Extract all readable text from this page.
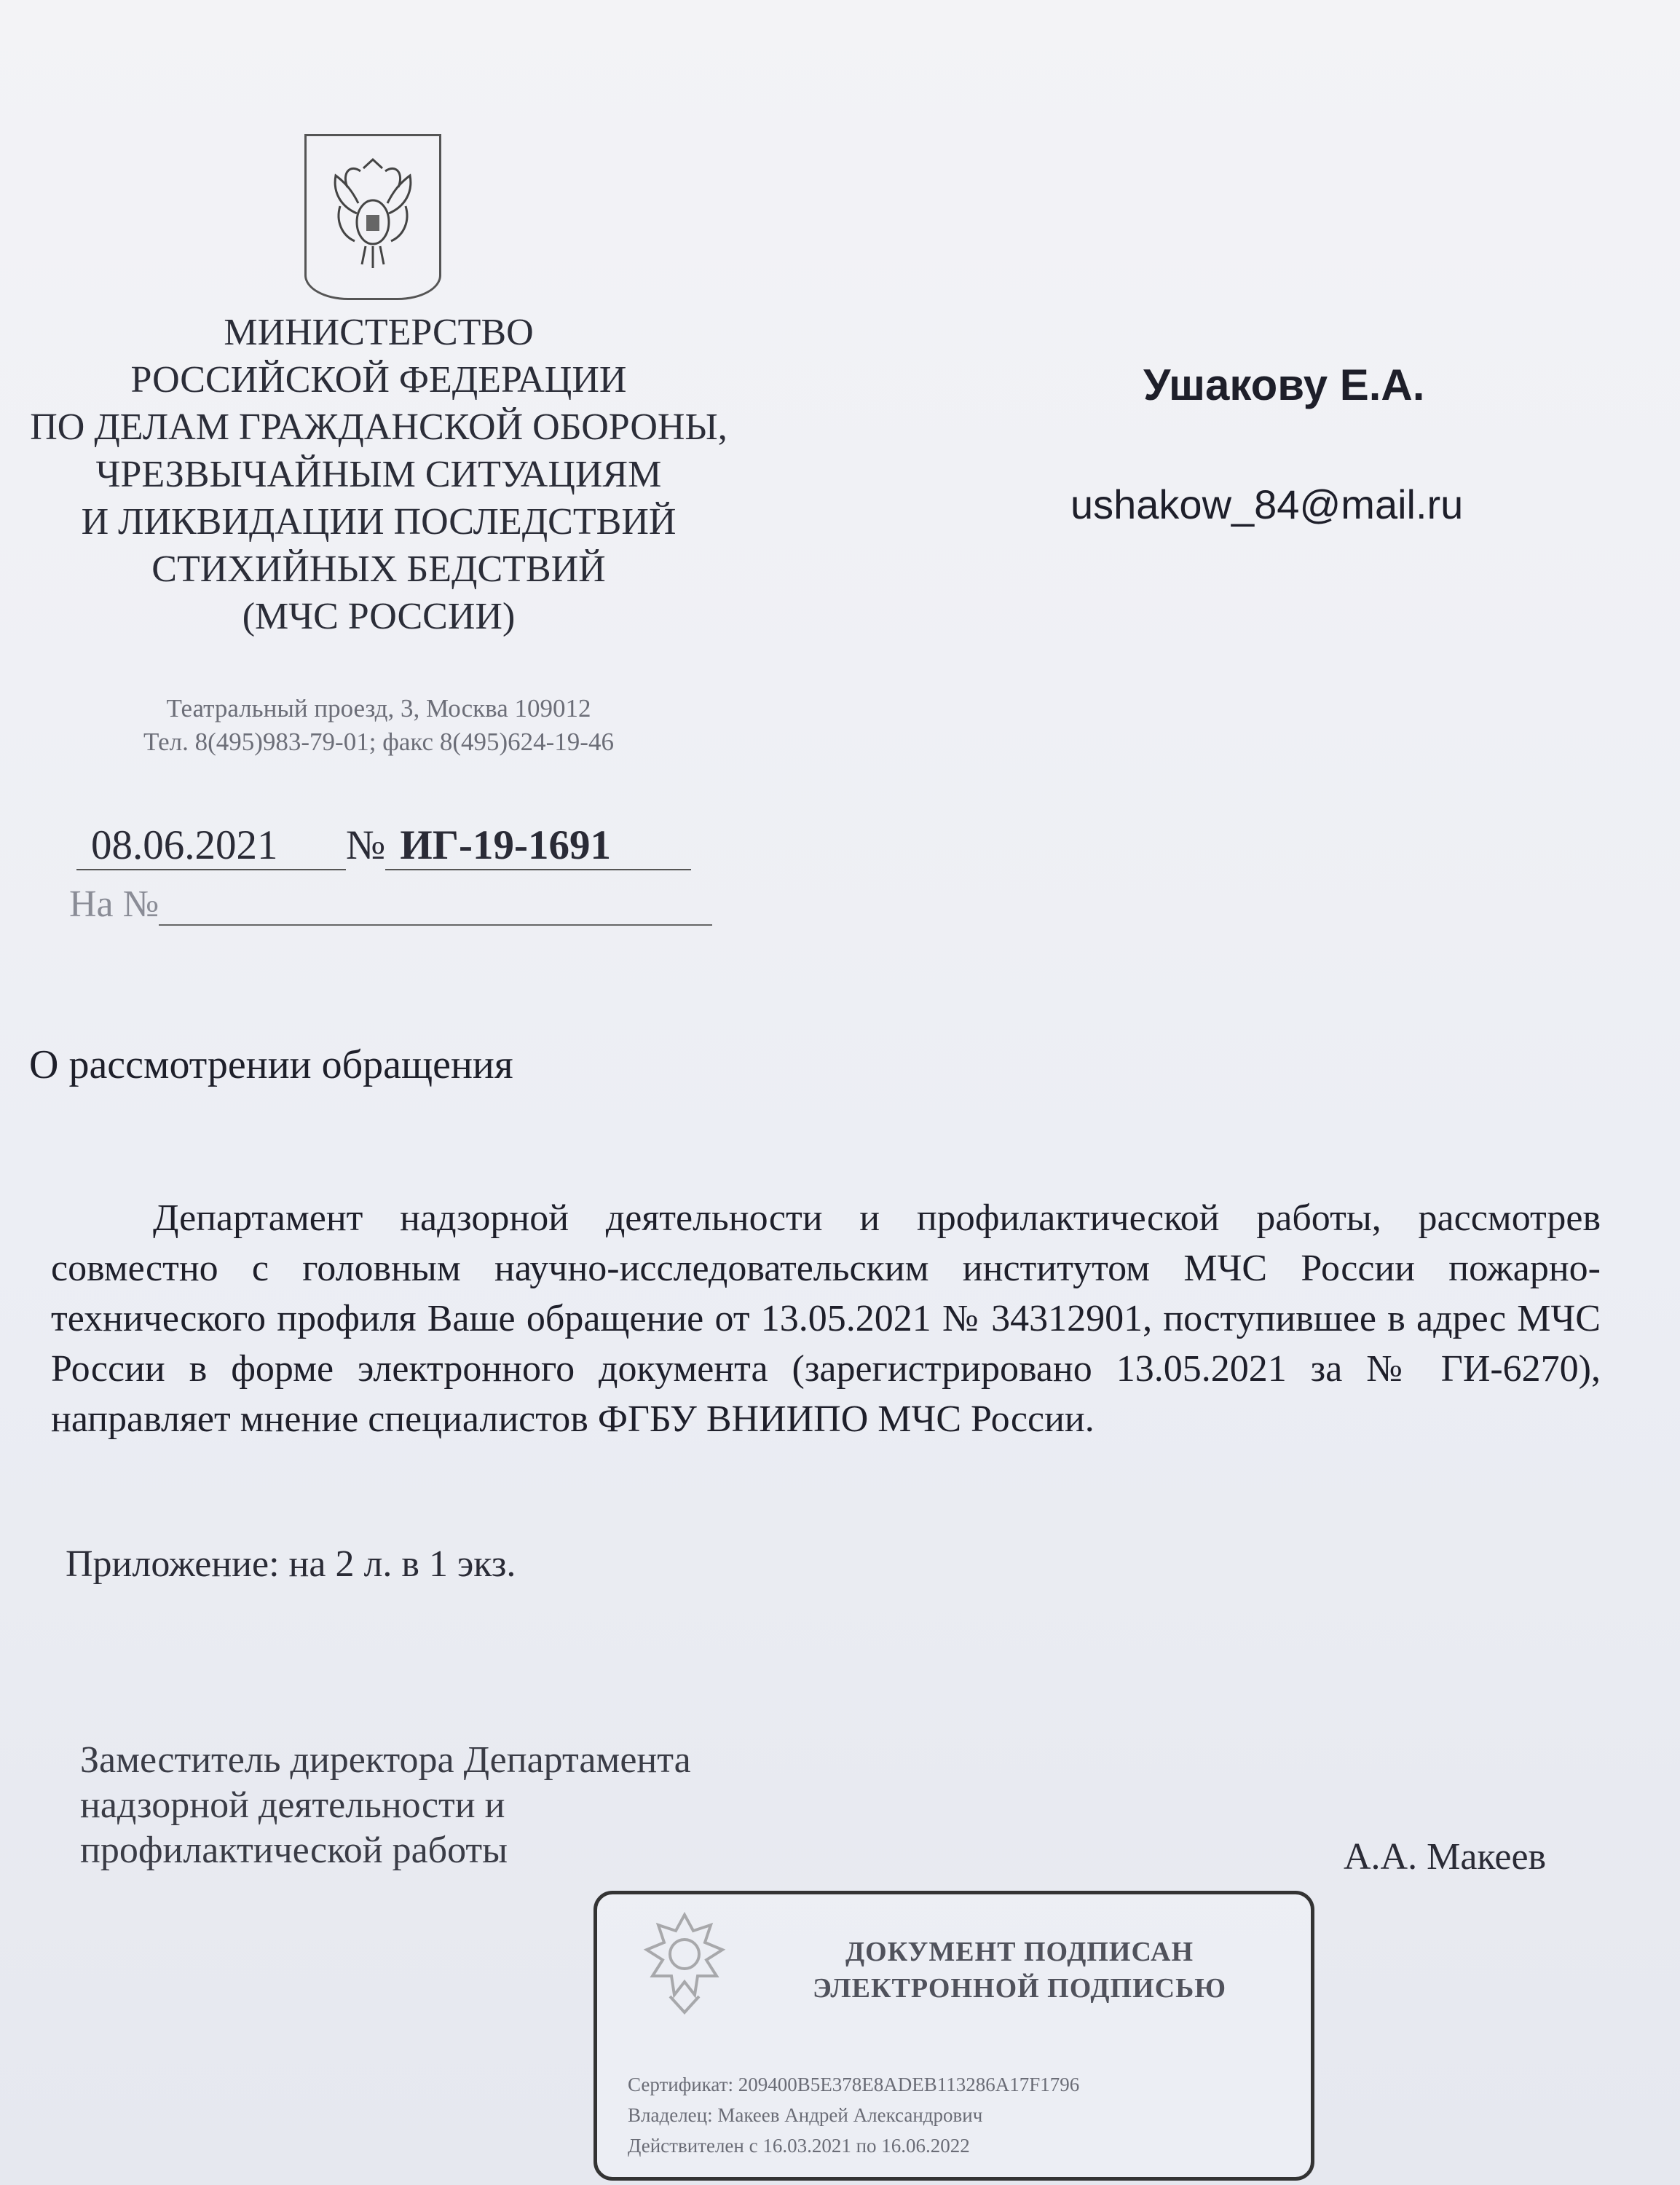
МИНИСТЕРСТВО
РОССИЙСКОЙ ФЕДЕРАЦИИ
ПО ДЕЛАМ ГРАЖДАНСКОЙ ОБОРОНЫ,
ЧРЕЗВЫЧАЙНЫМ СИТУАЦИЯМ
И ЛИКВИДАЦИИ ПОСЛЕДСТВИЙ
СТИХИЙНЫХ БЕДСТВИЙ
(МЧС РОССИИ)
Театральный проезд, 3, Москва 109012
Тел. 8(495)983-79-01; факс 8(495)624-19-46
08.06.2021 № ИГ-19-1691
На №
Ушакову Е.А.
ushakow_84@mail.ru
О рассмотрении обращения
Департамент надзорной деятельности и профилактической работы, рассмотрев совместно с головным научно-исследовательским институтом МЧС России пожарно-технического профиля Ваше обращение от 13.05.2021 № 34312901, поступившее в адрес МЧС России в форме электронного документа (зарегистрировано 13.05.2021 за № ГИ-6270), направляет мнение специалистов ФГБУ ВНИИПО МЧС России.
Приложение: на 2 л. в 1 экз.
Заместитель директора Департамента
надзорной деятельности и
профилактической работы	А.А. Макеев
ДОКУМЕНТ ПОДПИСАН
ЭЛЕКТРОННОЙ ПОДПИСЬЮ
Сертификат: 209400B5E378E8ADEB113286A17F1796
Владелец: Макеев Андрей Александрович
Действителен с 16.03.2021 по 16.06.2022
